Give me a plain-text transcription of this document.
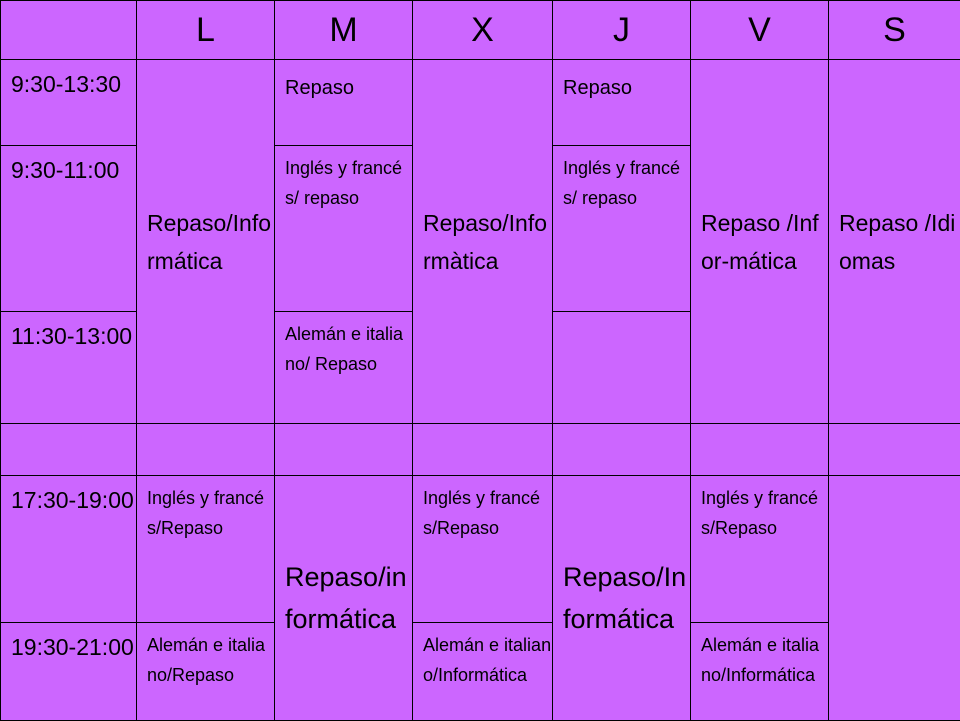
	L	M	X	J	V	S
9:30-13:30	Repaso/Informática	Repaso	Repaso/Informàtica	Repaso	Repaso /Infor-mática	Repaso /Idiomas
9:30-11:00		Inglés y francés/ repaso		Inglés y francés/ repaso		
11:30-13:00		Alemán e italiano/ Repaso				

17:30-19:00	Inglés y francés/Repaso	Repaso/informática	Inglés y francés/Repaso	Repaso/Informática	Inglés y francés/Repaso	
19:30-21:00	Alemán e italiano/Repaso		Alemán e italiano/Informática		Alemán e italiano/Informática	
